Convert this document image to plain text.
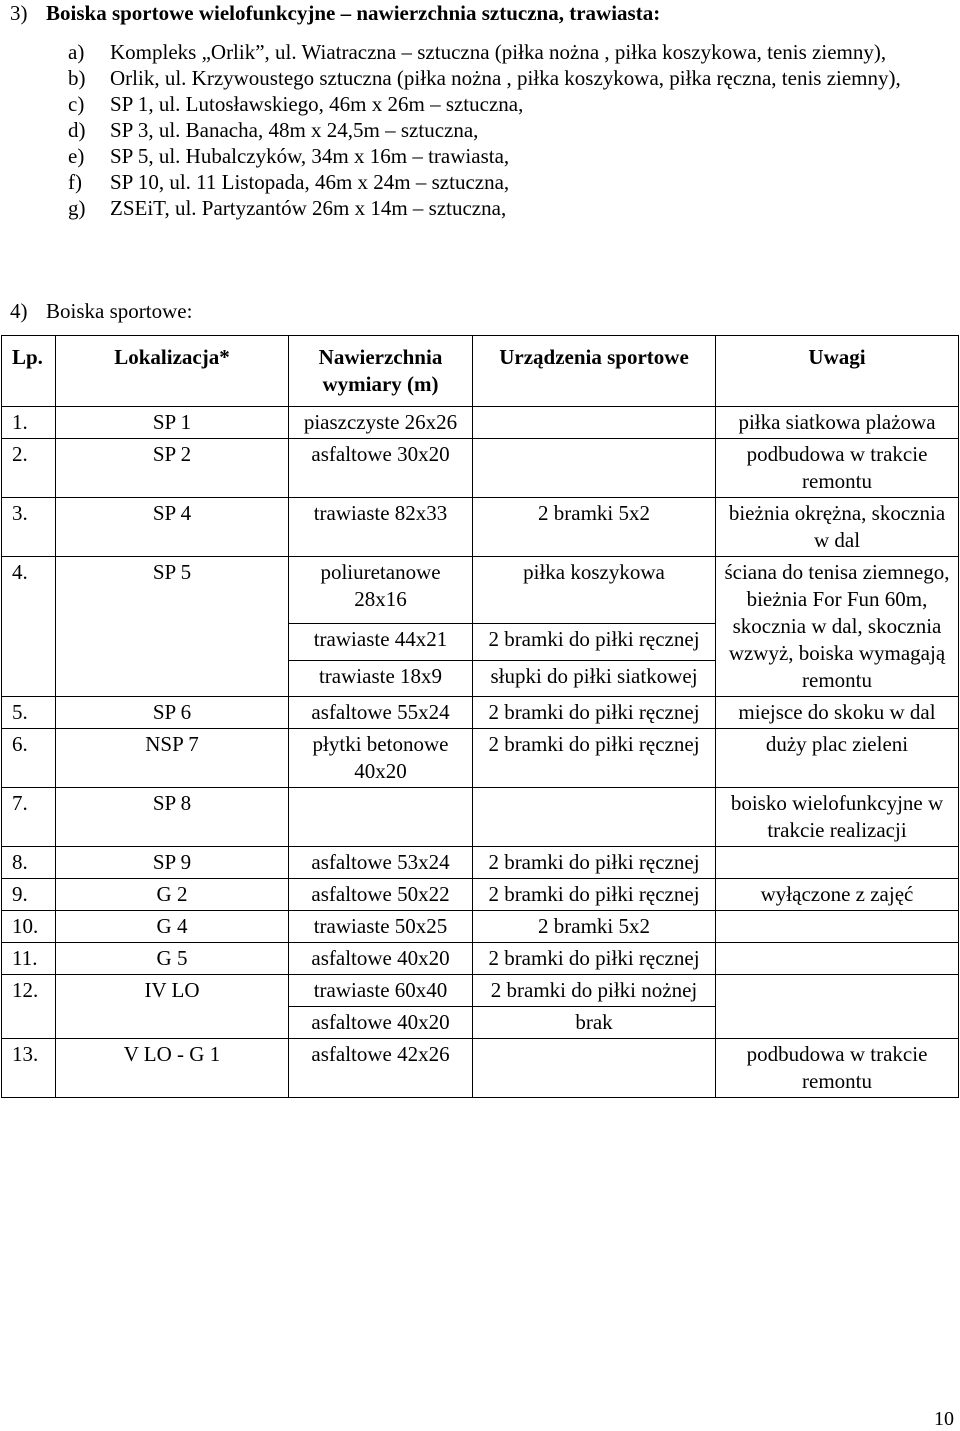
3) Boiska sportowe wielofunkcyjne – nawierzchnia sztuczna, trawiasta:
a) Kompleks „Orlik”, ul. Wiatraczna – sztuczna (piłka nożna , piłka koszykowa, tenis ziemny),
b) Orlik, ul. Krzywoustego sztuczna (piłka nożna , piłka koszykowa, piłka ręczna, tenis ziemny),
c) SP 1, ul. Lutosławskiego, 46m x 26m – sztuczna,
d) SP 3, ul. Banacha, 48m x 24,5m – sztuczna,
e) SP 5, ul. Hubalczyków, 34m x 16m – trawiasta,
f) SP 10, ul. 11 Listopada, 46m x 24m – sztuczna,
g) ZSEiT, ul. Partyzantów 26m x 14m – sztuczna,
4) Boiska sportowe:
Lp.	Lokalizacja*	Nawierzchnia wymiary (m)	Urządzenia sportowe	Uwagi
1.	SP 1	piaszczyste 26x26		piłka siatkowa plażowa
2.	SP 2	asfaltowe 30x20		podbudowa w trakcie remontu
3.	SP 4	trawiaste 82x33	2 bramki 5x2	bieżnia okrężna, skocznia w dal
4.	SP 5	poliuretanowe 28x16	piłka koszykowa	ściana do tenisa ziemnego, bieżnia For Fun 60m, skocznia w dal, skocznia wzwyż, boiska wymagają remontu
		trawiaste 44x21	2 bramki do piłki ręcznej	
		trawiaste 18x9	słupki do piłki siatkowej	
5.	SP 6	asfaltowe 55x24	2 bramki do piłki ręcznej	miejsce do skoku w dal
6.	NSP 7	płytki betonowe 40x20	2 bramki do piłki ręcznej	duży plac zieleni
7.	SP 8			boisko wielofunkcyjne w trakcie realizacji
8.	SP 9	asfaltowe 53x24	2 bramki do piłki ręcznej	
9.	G 2	asfaltowe 50x22	2 bramki do piłki ręcznej	wyłączone z zajęć
10.	G 4	trawiaste 50x25	2 bramki 5x2	
11.	G 5	asfaltowe 40x20	2 bramki do piłki ręcznej	
12.	IV LO	trawiaste 60x40	2 bramki do piłki nożnej	
		asfaltowe 40x20	brak	
13.	V LO - G 1	asfaltowe 42x26		podbudowa w trakcie remontu
10
